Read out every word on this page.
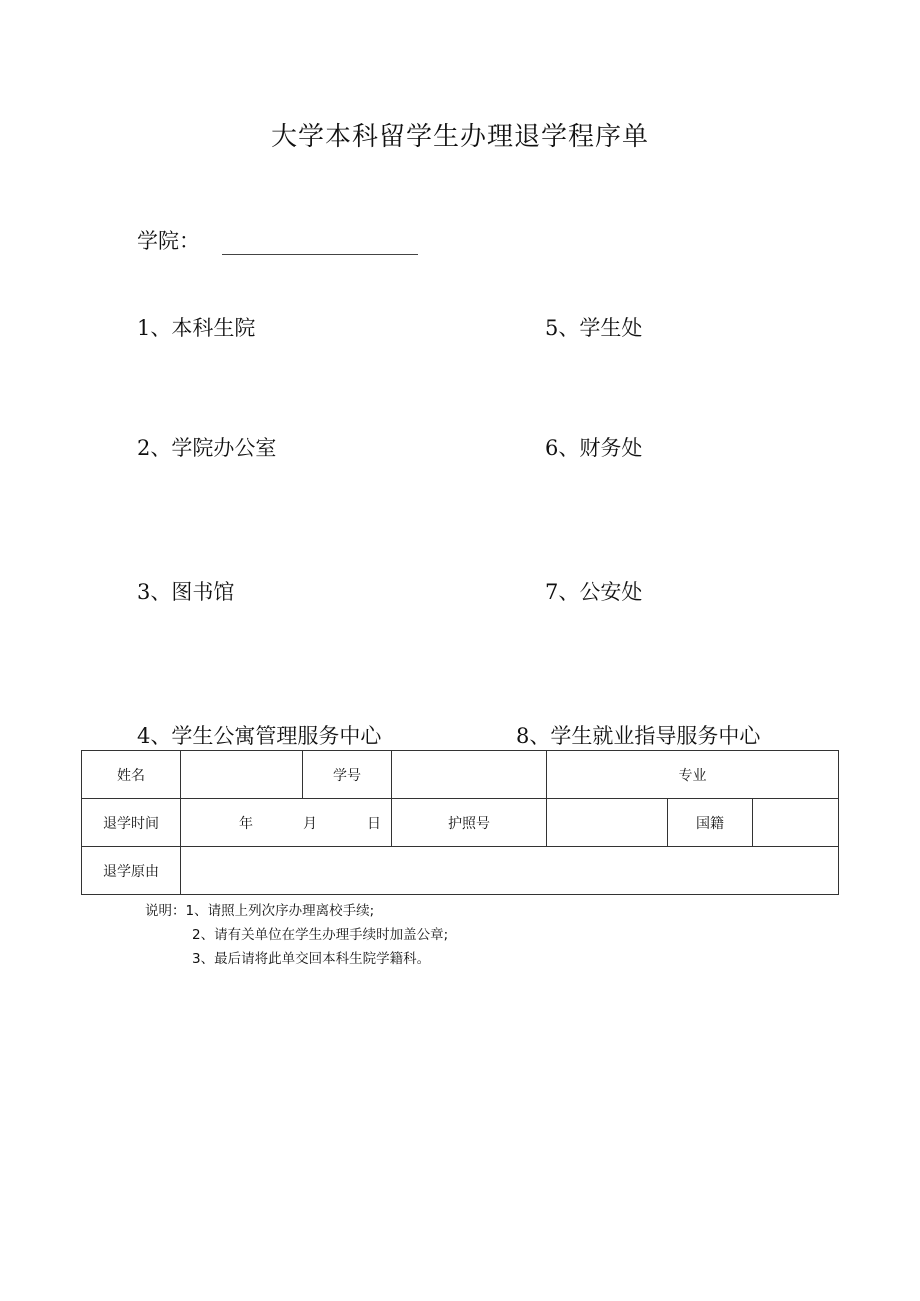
大学本科留学生办理退学程序单
学院：
1、本科生院
2、学院办公室
3、图书馆
4、学生公寓管理服务中心
5、学生处
6、财务处
7、公安处
8、学生就业指导服务中心
姓名		学号		专业		
退学时间	年 月 日		护照号		国籍	
退学原由						
说明：1、请照上列次序办理离校手续;
2、请有关单位在学生办理手续时加盖公章;
3、最后请将此单交回本科生院学籍科。
